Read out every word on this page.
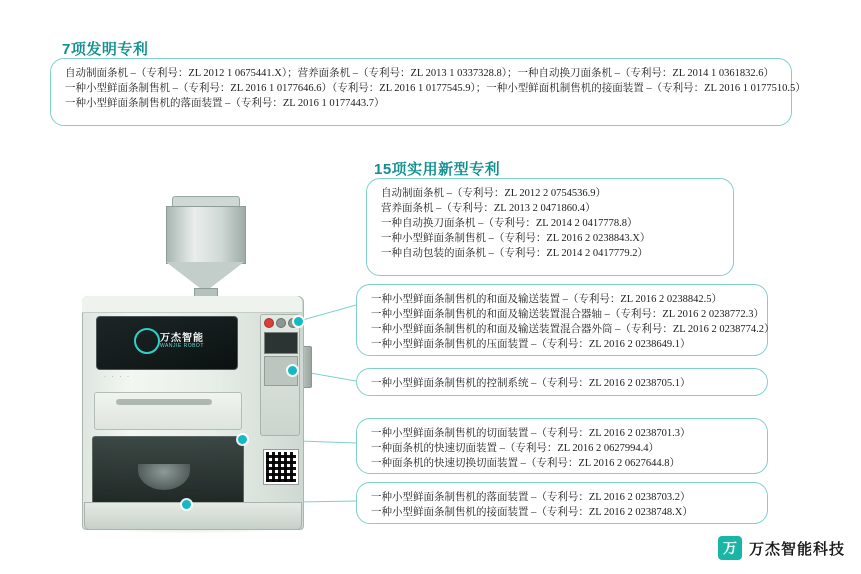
万杰智能
WANJIE ROBOT
· · · ·
7项发明专利
自动制面条机 –（专利号：ZL 2012 1 0675441.X）；营养面条机 –（专利号：ZL 2013 1 0337328.8）；一种自动换刀面条机 –（专利号：ZL 2014 1 0361832.6）
一种小型鲜面条制售机 –（专利号：ZL 2016 1 0177646.6）（专利号：ZL 2016 1 0177545.9）；一种小型鲜面机制售机的接面装置 –（专利号：ZL 2016 1 0177510.5）
一种小型鲜面条制售机的落面装置 –（专利号：ZL 2016 1 0177443.7）
15项实用新型专利
自动制面条机 –（专利号：ZL 2012 2 0754536.9）
营养面条机 –（专利号：ZL 2013 2 0471860.4）
一种自动换刀面条机 –（专利号：ZL 2014 2 0417778.8）
一种小型鲜面条制售机 –（专利号：ZL 2016 2 0238843.X）
一种自动包装的面条机 –（专利号：ZL 2014 2 0417779.2）
一种小型鲜面条制售机的和面及输送装置 –（专利号：ZL 2016 2 0238842.5）
一种小型鲜面条制售机的和面及输送装置混合器轴 –（专利号：ZL 2016 2 0238772.3）
一种小型鲜面条制售机的和面及输送装置混合器外筒 –（专利号：ZL 2016 2 0238774.2）
一种小型鲜面条制售机的压面装置 –（专利号：ZL 2016 2 0238649.1）
一种小型鲜面条制售机的控制系统 –（专利号：ZL 2016 2 0238705.1）
一种小型鲜面条制售机的切面装置 –（专利号：ZL 2016 2 0238701.3）
一种面条机的快速切面装置 –（专利号：ZL 2016 2 0627994.4）
一种面条机的快速切换切面装置 –（专利号：ZL 2016 2 0627644.8）
一种小型鲜面条制售机的落面装置 –（专利号：ZL 2016 2 0238703.2）
一种小型鲜面条制售机的接面装置 –（专利号：ZL 2016 2 0238748.X）
万 万杰智能科技
